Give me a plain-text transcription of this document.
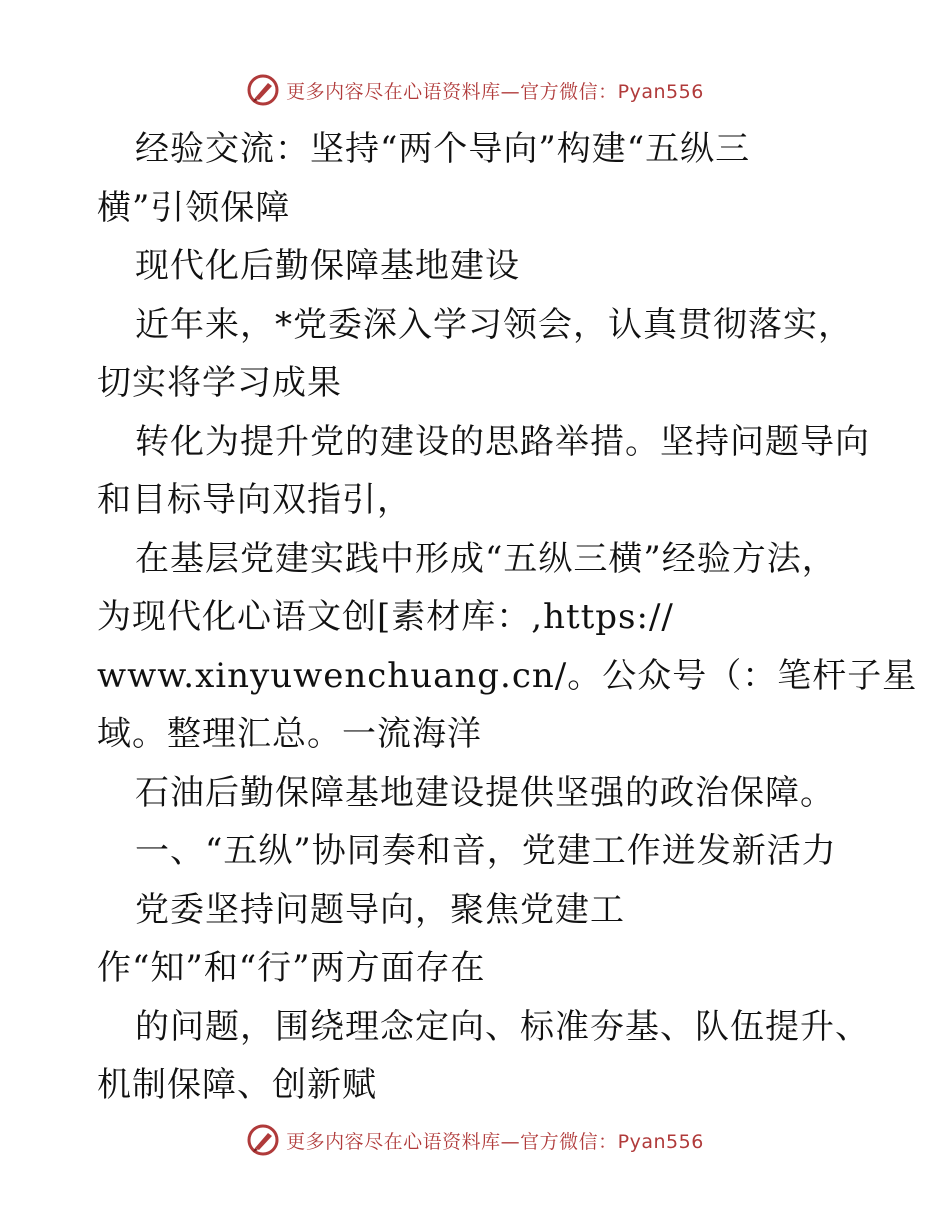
更多内容尽在心语资料库—官方微信：Pyan556
经验交流：坚持“两个导向”构建“五纵三
横”引领保障
现代化后勤保障基地建设
近年来，*党委深入学习领会，认真贯彻落实，
切实将学习成果
转化为提升党的建设的思路举措。坚持问题导向
和目标导向双指引，
在基层党建实践中形成“五纵三横”经验方法，
为现代化心语文创[素材库：,https://
www.xinyuwenchuang.cn/。公众号（：笔杆子星
域。整理汇总。一流海洋
石油后勤保障基地建设提供坚强的政治保障。
一、“五纵”协同奏和音，党建工作迸发新活力
党委坚持问题导向，聚焦党建工
作“知”和“行”两方面存在
的问题，围绕理念定向、标准夯基、队伍提升、
机制保障、创新赋
更多内容尽在心语资料库—官方微信：Pyan556
